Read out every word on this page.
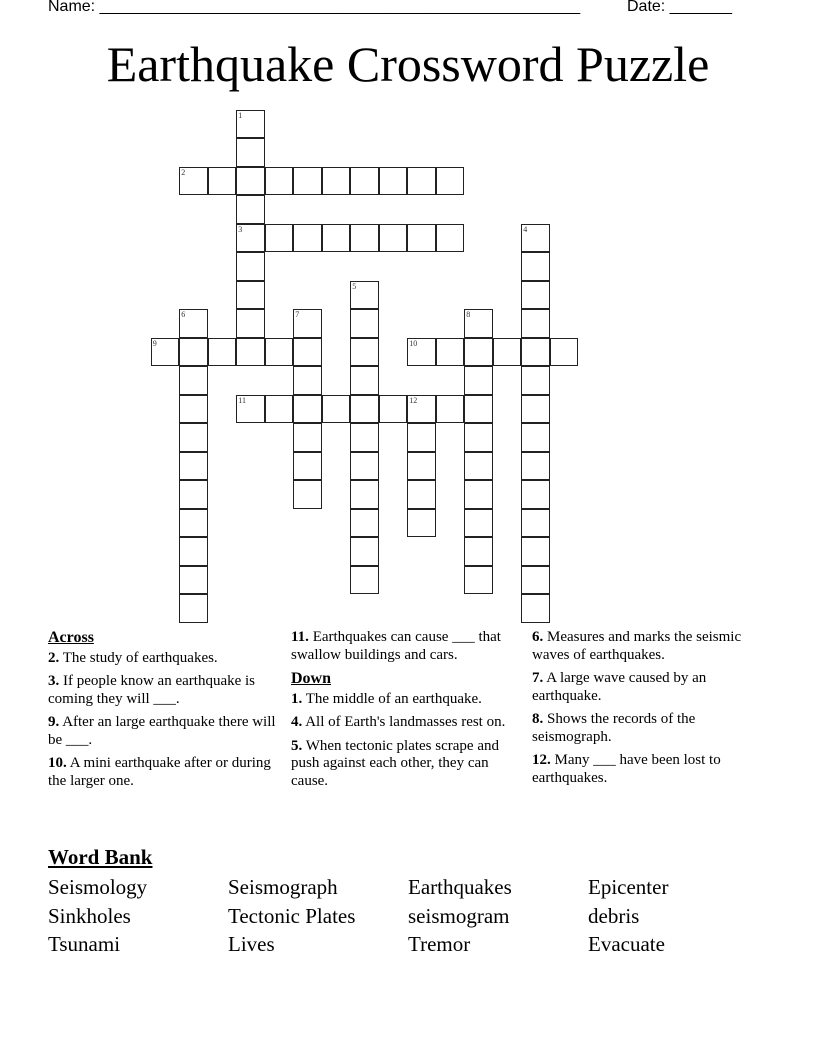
Name: ______________________________________________________	Date: _______
Earthquake Crossword Puzzle
1
3
2
4
5
6	7	8
9	10
11	12
Across
2. The study of earthquakes.
3. If people know an earthquake is coming they will ___.
9. After an large earthquake there will be ___.
10. A mini earthquake after or during the larger one.
11. Earthquakes can cause ___ that swallow buildings and cars.
Down
1. The middle of an earthquake.
4. All of Earth's landmasses rest on.
5. When tectonic plates scrape and push against each other, they can cause.
6. Measures and marks the seismic waves of earthquakes.
7. A large wave caused by an earthquake.
8. Shows the records of the seismograph.
12. Many ___ have been lost to earthquakes.
Word Bank
Seismology	Seismograph	Earthquakes	Epicenter
Sinkholes	Tectonic Plates	seismogram	debris
Tsunami	Lives	Tremor	Evacuate
